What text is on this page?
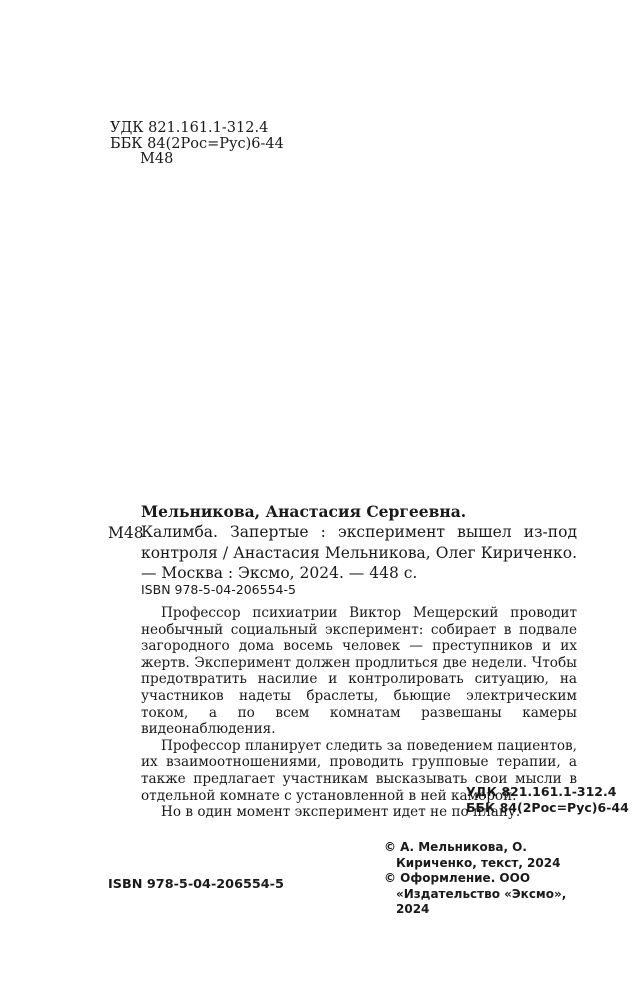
УДК 821.161.1-312.4
ББК 84(2Рос=Рус)6-44
М48
Мельникова, Анастасия Сергеевна.
М48

Калимба. Запертые : эксперимент вышел из-под контроля / Анастасия Мельникова, Олег Кириченко. — Москва : Эксмо, 2024. — 448 с.

ISBN 978-5-04-206554-5

Профессор психиатрии Виктор Мещерский проводит необычный социальный эксперимент: собирает в подвале загородного дома восемь человек — преступников и их жертв. Эксперимент должен продлиться две недели. Чтобы предотвратить насилие и контролировать ситуацию, на участников надеты браслеты, бьющие электрическим током, а по всем комнатам развешаны камеры видеонаблюдения.

Профессор планирует следить за поведением пациентов, их взаимоотношениями, проводить групповые терапии, а также предлагает участникам высказывать свои мысли в отдельной комнате с установленной в ней камерой.

Но в один момент эксперимент идет не по плану.

УДК 821.161.1-312.4
ББК 84(2Рос=Рус)6-44
© А. Мельникова, О. Кириченко, текст, 2024
© Оформление. ООО «Издательство «Эксмо», 2024
ISBN 978-5-04-206554-5
